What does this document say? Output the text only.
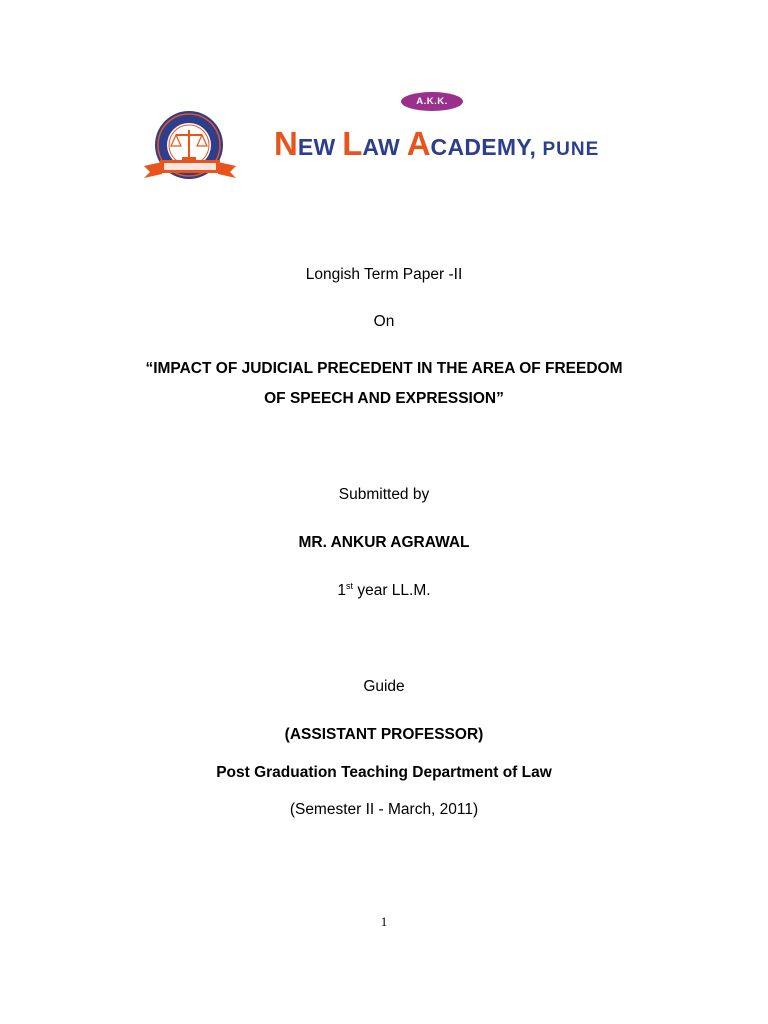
A.K.K.
NEW LAW ACADEMY, PUNE
Longish Term Paper -II
On
“IMPACT OF JUDICIAL PRECEDENT IN THE AREA OF FREEDOM
OF SPEECH AND EXPRESSION”
Submitted by
MR. ANKUR AGRAWAL
1st year LL.M.
Guide
(ASSISTANT PROFESSOR)
Post Graduation Teaching Department of Law
(Semester II - March, 2011)
1
